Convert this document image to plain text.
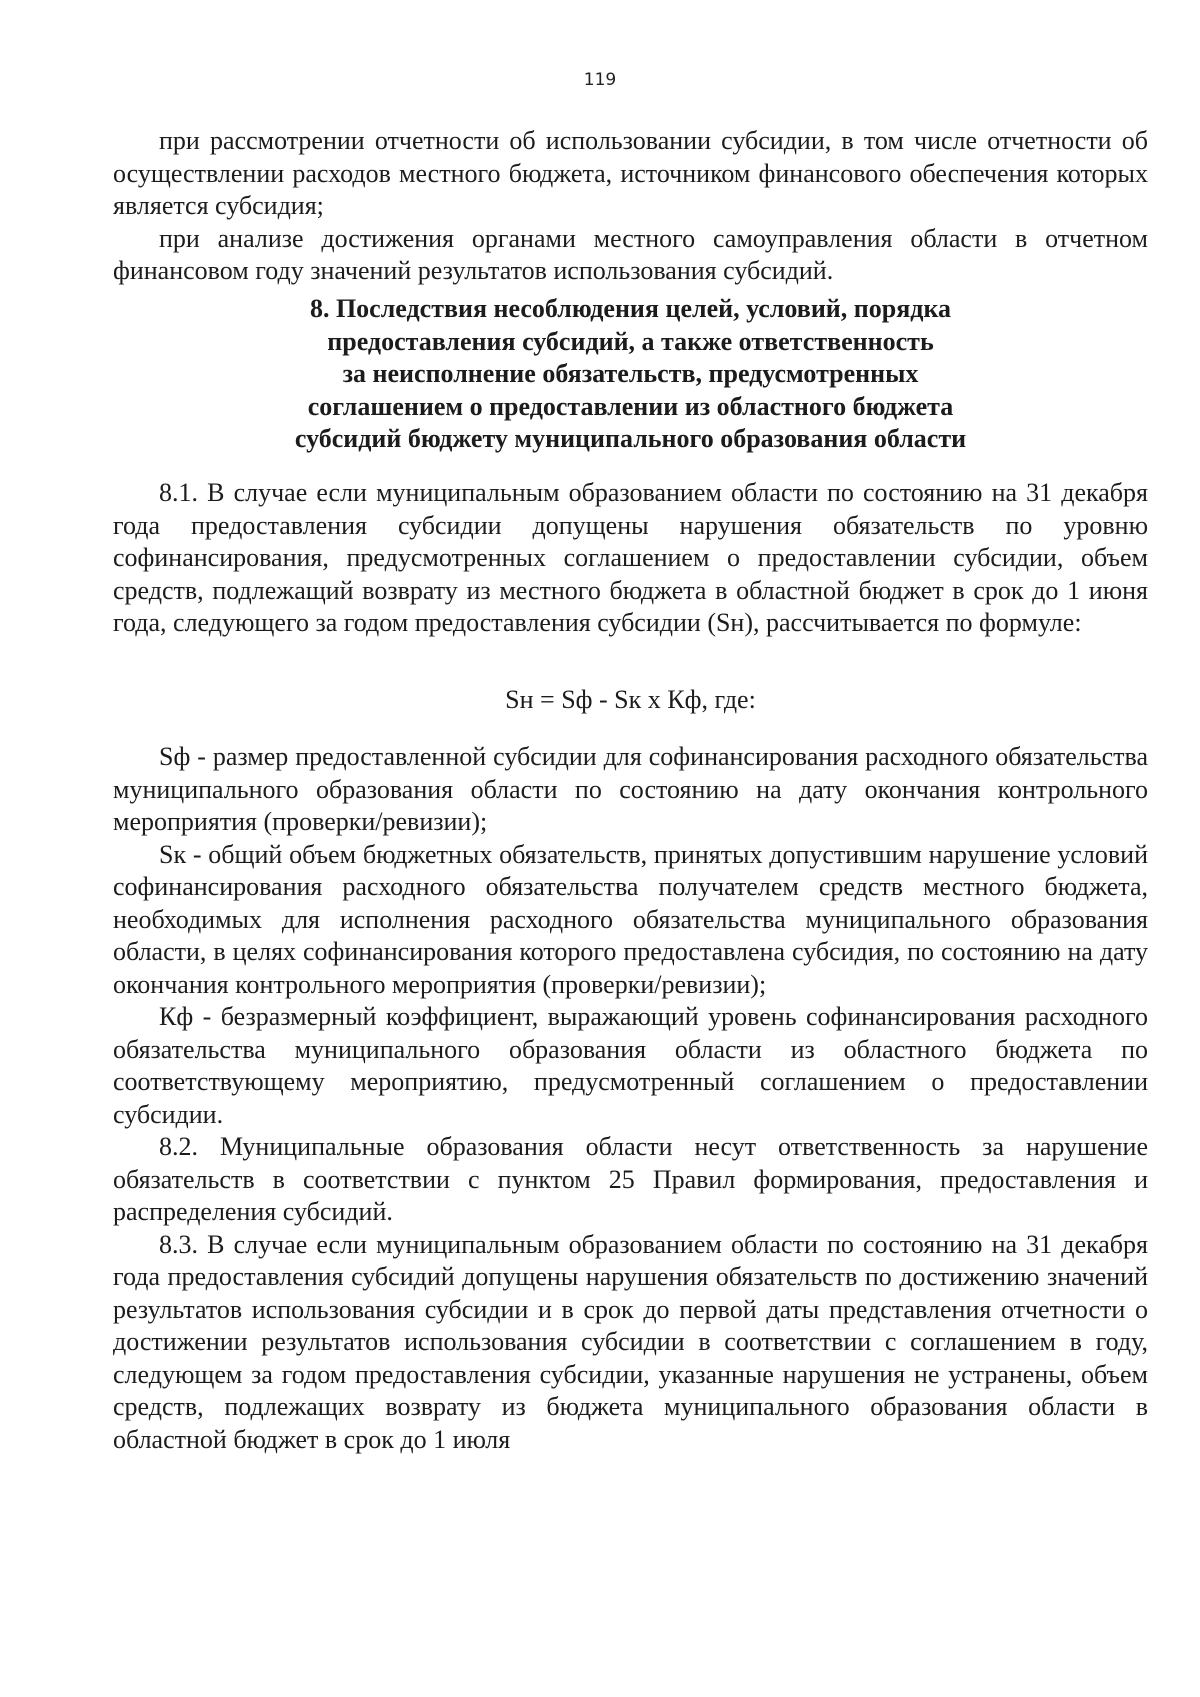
119

при рассмотрении отчетности об использовании субсидии, в том числе отчетности об осуществлении расходов местного бюджета, источником финансового обеспечения которых является субсидия;

при анализе достижения органами местного самоуправления области в отчетном финансовом году значений результатов использования субсидий.

8. Последствия несоблюдения целей, условий, порядка
предоставления субсидий, а также ответственность
за неисполнение обязательств, предусмотренных
соглашением о предоставлении из областного бюджета
субсидий бюджету муниципального образования области

8.1. В случае если муниципальным образованием области по состоянию на 31 декабря года предоставления субсидии допущены нарушения обязательств по уровню софинансирования, предусмотренных соглашением о предоставлении субсидии, объем средств, подлежащий возврату из местного бюджета в областной бюджет в срок до 1 июня года, следующего за годом предоставления субсидии (Sн), рассчитывается по формуле:

Sн = Sф - Sк х Кф, где:

Sф - размер предоставленной субсидии для софинансирования расходного обязательства муниципального образования области по состоянию на дату окончания контрольного мероприятия (проверки/ревизии);

Sк - общий объем бюджетных обязательств, принятых допустившим нарушение условий софинансирования расходного обязательства получателем средств местного бюджета, необходимых для исполнения расходного обязательства муниципального образования области, в целях софинансирования которого предоставлена субсидия, по состоянию на дату окончания контрольного мероприятия (проверки/ревизии);

Кф - безразмерный коэффициент, выражающий уровень софинансирования расходного обязательства муниципального образования области из областного бюджета по соответствующему мероприятию, предусмотренный соглашением о предоставлении субсидии.

8.2. Муниципальные образования области несут ответственность за нарушение обязательств в соответствии с пунктом 25 Правил формирования, предоставления и распределения субсидий.

8.3. В случае если муниципальным образованием области по состоянию на 31 декабря года предоставления субсидий допущены нарушения обязательств по достижению значений результатов использования субсидии и в срок до первой даты представления отчетности о достижении результатов использования субсидии в соответствии с соглашением в году, следующем за годом предоставления субсидии, указанные нарушения не устранены, объем средств, подлежащих возврату из бюджета муниципального образования области в областной бюджет в срок до 1 июля
